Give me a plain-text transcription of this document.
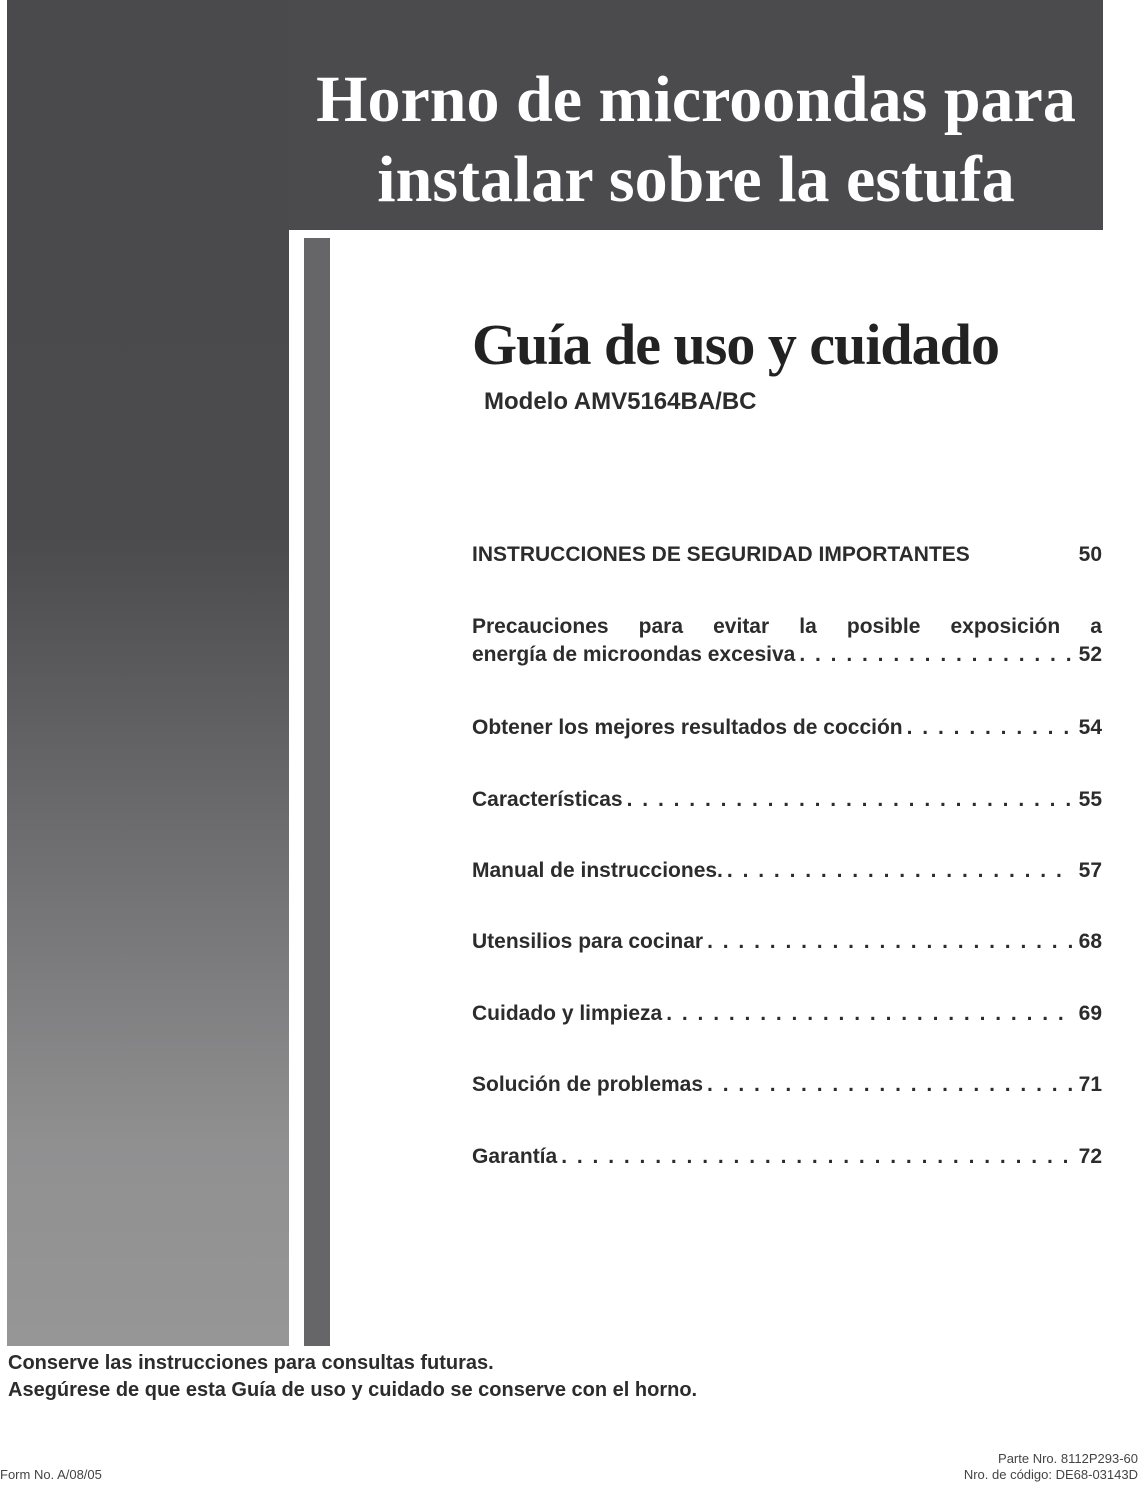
Horno de microondas para
instalar sobre la estufa
Guía de uso y cuidado
Modelo AMV5164BA/BC
INSTRUCCIONES DE SEGURIDAD IMPORTANTES	50
Precauciones para evitar la posible exposición a
energía de microondas excesiva . . .	52
Obtener los mejores resultados de cocción . . .	54
Características . . .	55
Manual de instrucciones. . . .	57
Utensilios para cocinar . . .	68
Cuidado y limpieza . . .	69
Solución de problemas . . .	71
Garantía . . .	72
Conserve las instrucciones para consultas futuras.
Asegúrese de que esta Guía de uso y cuidado se conserve con el horno.
Form No. A/08/05
Parte Nro. 8112P293-60
Nro. de código: DE68-03143D
